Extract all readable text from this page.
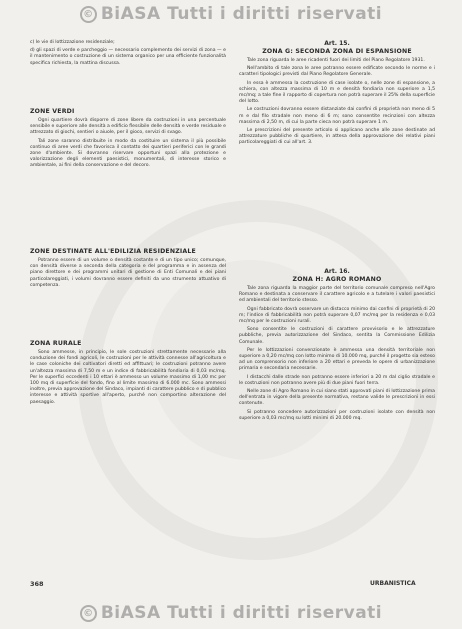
© BiASA Tutti i diritti riservati

c) le vie di lottizzazione residenziale;

d) gli spazi di verde e parcheggio — necessario complemento dei servizi di zona — e il mantenimento o costruzione di un sistema organico per una efficiente funzionalità specifica richiesta, la mattina discussa.

ZONE VERDI

Ogni quartiere dovrà disporre di zone libere da costruzioni in una percentuale sensibile e superiore alle densità a edificio flessibile delle densità e verde residuale e attrezzato di giochi, sentieri o aiuole, per il gioco, servizi di svago.

Tali zone saranno distribuite in modo da costituire un sistema il più possibile continuo di aree verdi che favorisca il contatto dei quartieri periferici con le grandi zone d'ambiente. Si dovranno riservare opportuni spazi alla protezione e valorizzazione degli elementi paesistici, monumentali, di interesse storico e ambientale, ai fini della conservazione e del decoro.

ZONE DESTINATE ALL'EDILIZIA RESIDENZIALE

Potranno essere di un volume o densità costante e di un tipo unico; comunque, con densità diverse a seconda della categoria e del programma e in assenza del piano direttore e dei programmi unitari di gestione di Enti Comunali e dei piani particolareggiati, i volumi dovranno essere definiti da uno strumento attuativo di competenza.

ZONA RURALE

Sono ammesse, in principio, le sole costruzioni strettamente necessarie alla conduzione dei fondi agricoli, le costruzioni per le attività connesse all'agricoltura e le case coloniche dei coltivatori diretti ed affittuari; le costruzioni potranno avere un'altezza massima di 7,50 m e un indice di fabbricabilità fondiaria di 0,03 mc/mq. Per le superfici eccedenti i 10 ettari è ammesso un volume massimo di 1,00 mc per 100 mq di superficie del fondo, fino al limite massimo di 6.000 mc. Sono ammessi inoltre, previa approvazione del Sindaco, impianti di carattere pubblico e di pubblico interesse e attività sportive all'aperto, purché non comportino alterazione del paesaggio.

Art. 15.
ZONA G: SECONDA ZONA DI ESPANSIONE

Tale zona riguarda le aree ricadenti fuori dei limiti del Piano Regolatore 1931.

Nell'ambito di tale zona le aree potranno essere edificate secondo le norme e i caratteri tipologici previsti dal Piano Regolatore Generale.

In essa è ammessa la costruzione di case isolate o, nelle zone di espansione, a schiera, con altezza massima di 10 m e densità fondiaria non superiore a 1,5 mc/mq; a tale fine il rapporto di copertura non potrà superare il 25% della superficie del lotto.

Le costruzioni dovranno essere distanziate dai confini di proprietà non meno di 5 m e dal filo stradale non meno di 6 m; sono consentite recinzioni con altezza massima di 2,50 m, di cui la parte cieca non potrà superare 1 m.

Le prescrizioni del presente articolo si applicano anche alle zone destinate ad attrezzature pubbliche di quartiere, in attesa della approvazione dei relativi piani particolareggiati di cui all'art. 3.

Art. 16.
ZONA H: AGRO ROMANO

Tale zona riguarda la maggior parte del territorio comunale compreso nell'Agro Romano e destinata a conservare il carattere agricolo e a tutelare i valori paesistici ed ambientali del territorio stesso.

Ogni fabbricato dovrà osservare un distacco minimo dai confini di proprietà di 20 m; l'indice di fabbricabilità non potrà superare 0,07 mc/mq per la residenza e 0,03 mc/mq per le costruzioni rurali.

Sono consentite le costruzioni di carattere provvisorio e le attrezzature pubbliche, previa autorizzazione del Sindaco, sentita la Commissione Edilizia Comunale.

Per le lottizzazioni convenzionate è ammessa una densità territoriale non superiore a 0,20 mc/mq con lotto minimo di 10.000 mq, purché il progetto sia esteso ad un comprensorio non inferiore a 20 ettari e preveda le opere di urbanizzazione primaria e secondaria necessarie.

I distacchi dalle strade non potranno essere inferiori a 20 m dal ciglio stradale e le costruzioni non potranno avere più di due piani fuori terra.

Nelle zone di Agro Romano in cui siano stati approvati piani di lottizzazione prima dell'entrata in vigore della presente normativa, restano valide le prescrizioni in essi contenute.

Si potranno concedere autorizzazioni per costruzioni isolate con densità non superiore a 0,03 mc/mq su lotti minimi di 20.000 mq.

368	URBANISTICA
© BiASA Tutti i diritti riservati
